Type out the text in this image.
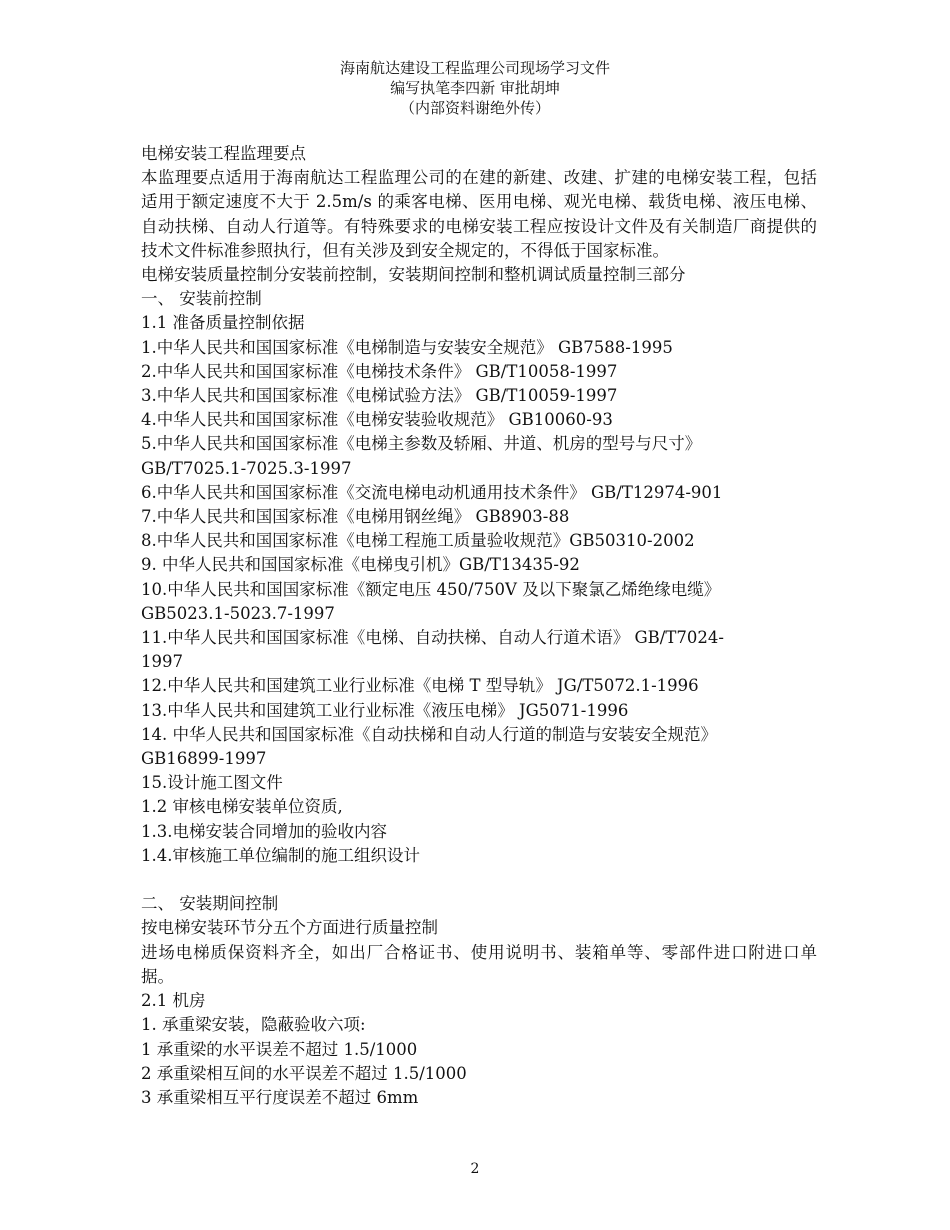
海南航达建设工程监理公司现场学习文件
编写执笔李四新 审批胡坤
（内部资料谢绝外传）

电梯安装工程监理要点

本监理要点适用于海南航达工程监理公司的在建的新建、改建、扩建的电梯安装工程，包括适用于额定速度不大于 2.5m/s 的乘客电梯、医用电梯、观光电梯、载货电梯、液压电梯、自动扶梯、自动人行道等。有特殊要求的电梯安装工程应按设计文件及有关制造厂商提供的技术文件标准参照执行，但有关涉及到安全规定的，不得低于国家标准。

电梯安装质量控制分安装前控制，安装期间控制和整机调试质量控制三部分

一、 安装前控制

1.1 准备质量控制依据

1.中华人民共和国国家标准《电梯制造与安装安全规范》 GB7588-1995

2.中华人民共和国国家标准《电梯技术条件》 GB/T10058-1997

3.中华人民共和国国家标准《电梯试验方法》 GB/T10059-1997

4.中华人民共和国国家标准《电梯安装验收规范》 GB10060-93

5.中华人民共和国国家标准《电梯主参数及轿厢、井道、机房的型号与尺寸》

GB/T7025.1-7025.3-1997

6.中华人民共和国国家标准《交流电梯电动机通用技术条件》 GB/T12974-901

7.中华人民共和国国家标准《电梯用钢丝绳》 GB8903-88

8.中华人民共和国国家标准《电梯工程施工质量验收规范》GB50310-2002

9. 中华人民共和国国家标准《电梯曳引机》GB/T13435-92

10.中华人民共和国国家标准《额定电压 450/750V 及以下聚氯乙烯绝缘电缆》

GB5023.1-5023.7-1997

11.中华人民共和国国家标准《电梯、自动扶梯、自动人行道术语》 GB/T7024-

1997

12.中华人民共和国建筑工业行业标准《电梯 T 型导轨》 JG/T5072.1-1996

13.中华人民共和国建筑工业行业标准《液压电梯》 JG5071-1996

14. 中华人民共和国国家标准《自动扶梯和自动人行道的制造与安装安全规范》

GB16899-1997

15.设计施工图文件

1.2 审核电梯安装单位资质,

1.3.电梯安装合同增加的验收内容

1.4.审核施工单位编制的施工组织设计

二、 安装期间控制

按电梯安装环节分五个方面进行质量控制

进场电梯质保资料齐全，如出厂合格证书、使用说明书、装箱单等、零部件进口附进口单据。

2.1 机房

1. 承重梁安装，隐蔽验收六项:

1 承重梁的水平误差不超过 1.5/1000

2 承重梁相互间的水平误差不超过 1.5/1000

3 承重梁相互平行度误差不超过 6mm

2
